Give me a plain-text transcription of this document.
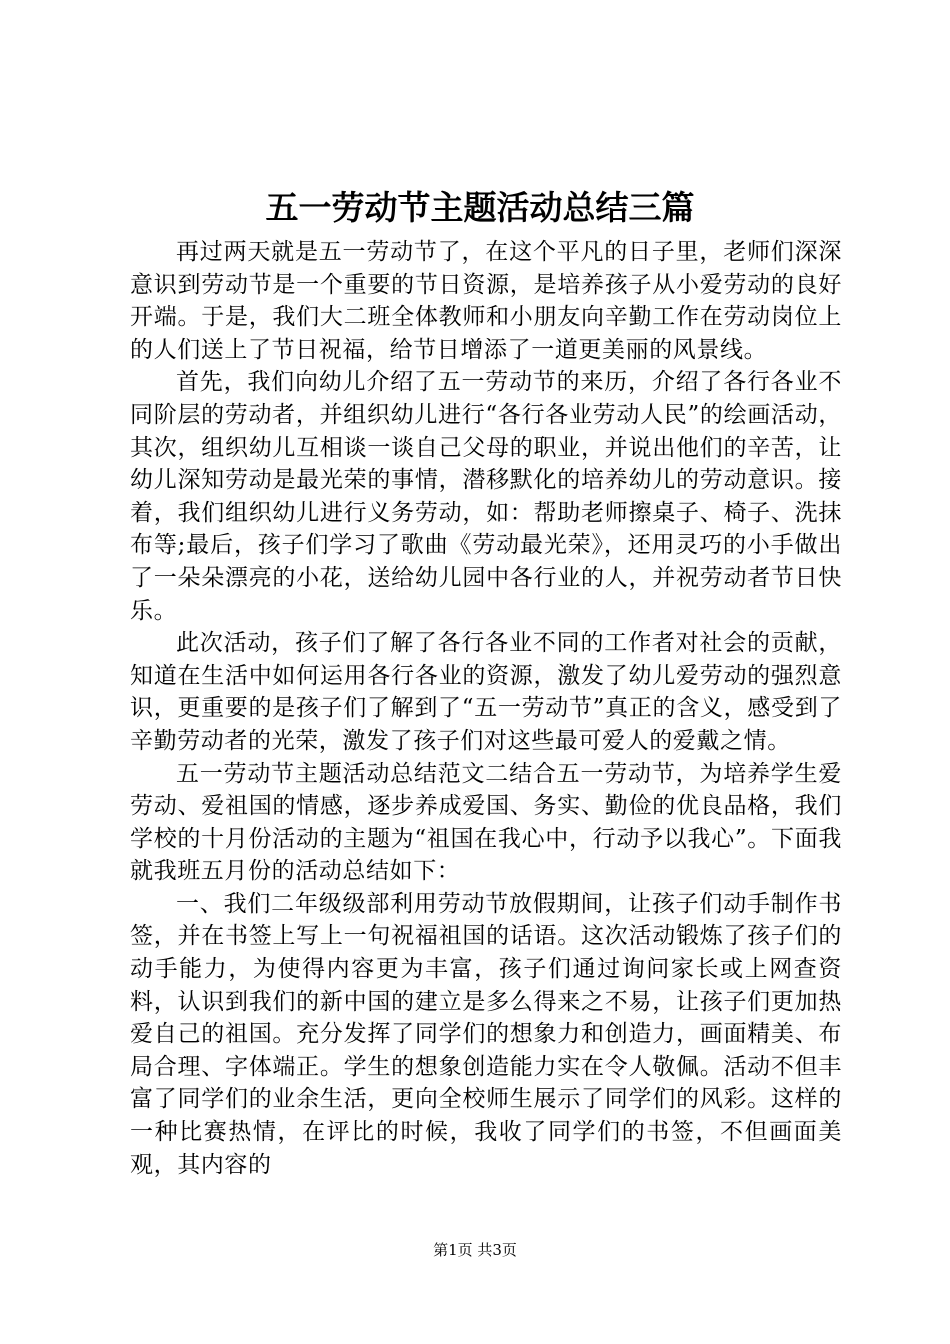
五一劳动节主题活动总结三篇

再过两天就是五一劳动节了，在这个平凡的日子里，老师们深深意识到劳动节是一个重要的节日资源，是培养孩子从小爱劳动的良好开端。于是，我们大二班全体教师和小朋友向辛勤工作在劳动岗位上的人们送上了节日祝福，给节日增添了一道更美丽的风景线。

首先，我们向幼儿介绍了五一劳动节的来历，介绍了各行各业不同阶层的劳动者，并组织幼儿进行“各行各业劳动人民”的绘画活动，其次，组织幼儿互相谈一谈自己父母的职业，并说出他们的辛苦，让幼儿深知劳动是最光荣的事情，潜移默化的培养幼儿的劳动意识。接着，我们组织幼儿进行义务劳动，如：帮助老师擦桌子、椅子、洗抹布等;最后，孩子们学习了歌曲《劳动最光荣》，还用灵巧的小手做出了一朵朵漂亮的小花，送给幼儿园中各行业的人，并祝劳动者节日快乐。

此次活动，孩子们了解了各行各业不同的工作者对社会的贡献，知道在生活中如何运用各行各业的资源，激发了幼儿爱劳动的强烈意识，更重要的是孩子们了解到了“五一劳动节”真正的含义，感受到了辛勤劳动者的光荣，激发了孩子们对这些最可爱人的爱戴之情。

五一劳动节主题活动总结范文二结合五一劳动节，为培养学生爱劳动、爱祖国的情感，逐步养成爱国、务实、勤俭的优良品格，我们学校的十月份活动的主题为“祖国在我心中，行动予以我心”。下面我就我班五月份的活动总结如下：

一、我们二年级级部利用劳动节放假期间，让孩子们动手制作书签，并在书签上写上一句祝福祖国的话语。这次活动锻炼了孩子们的动手能力，为使得内容更为丰富，孩子们通过询问家长或上网查资料，认识到我们的新中国的建立是多么得来之不易，让孩子们更加热爱自己的祖国。充分发挥了同学们的想象力和创造力，画面精美、布局合理、字体端正。学生的想象创造能力实在令人敬佩。活动不但丰富了同学们的业余生活，更向全校师生展示了同学们的风彩。这样的一种比赛热情，在评比的时候，我收了同学们的书签，不但画面美观，其内容的

第1页 共3页
